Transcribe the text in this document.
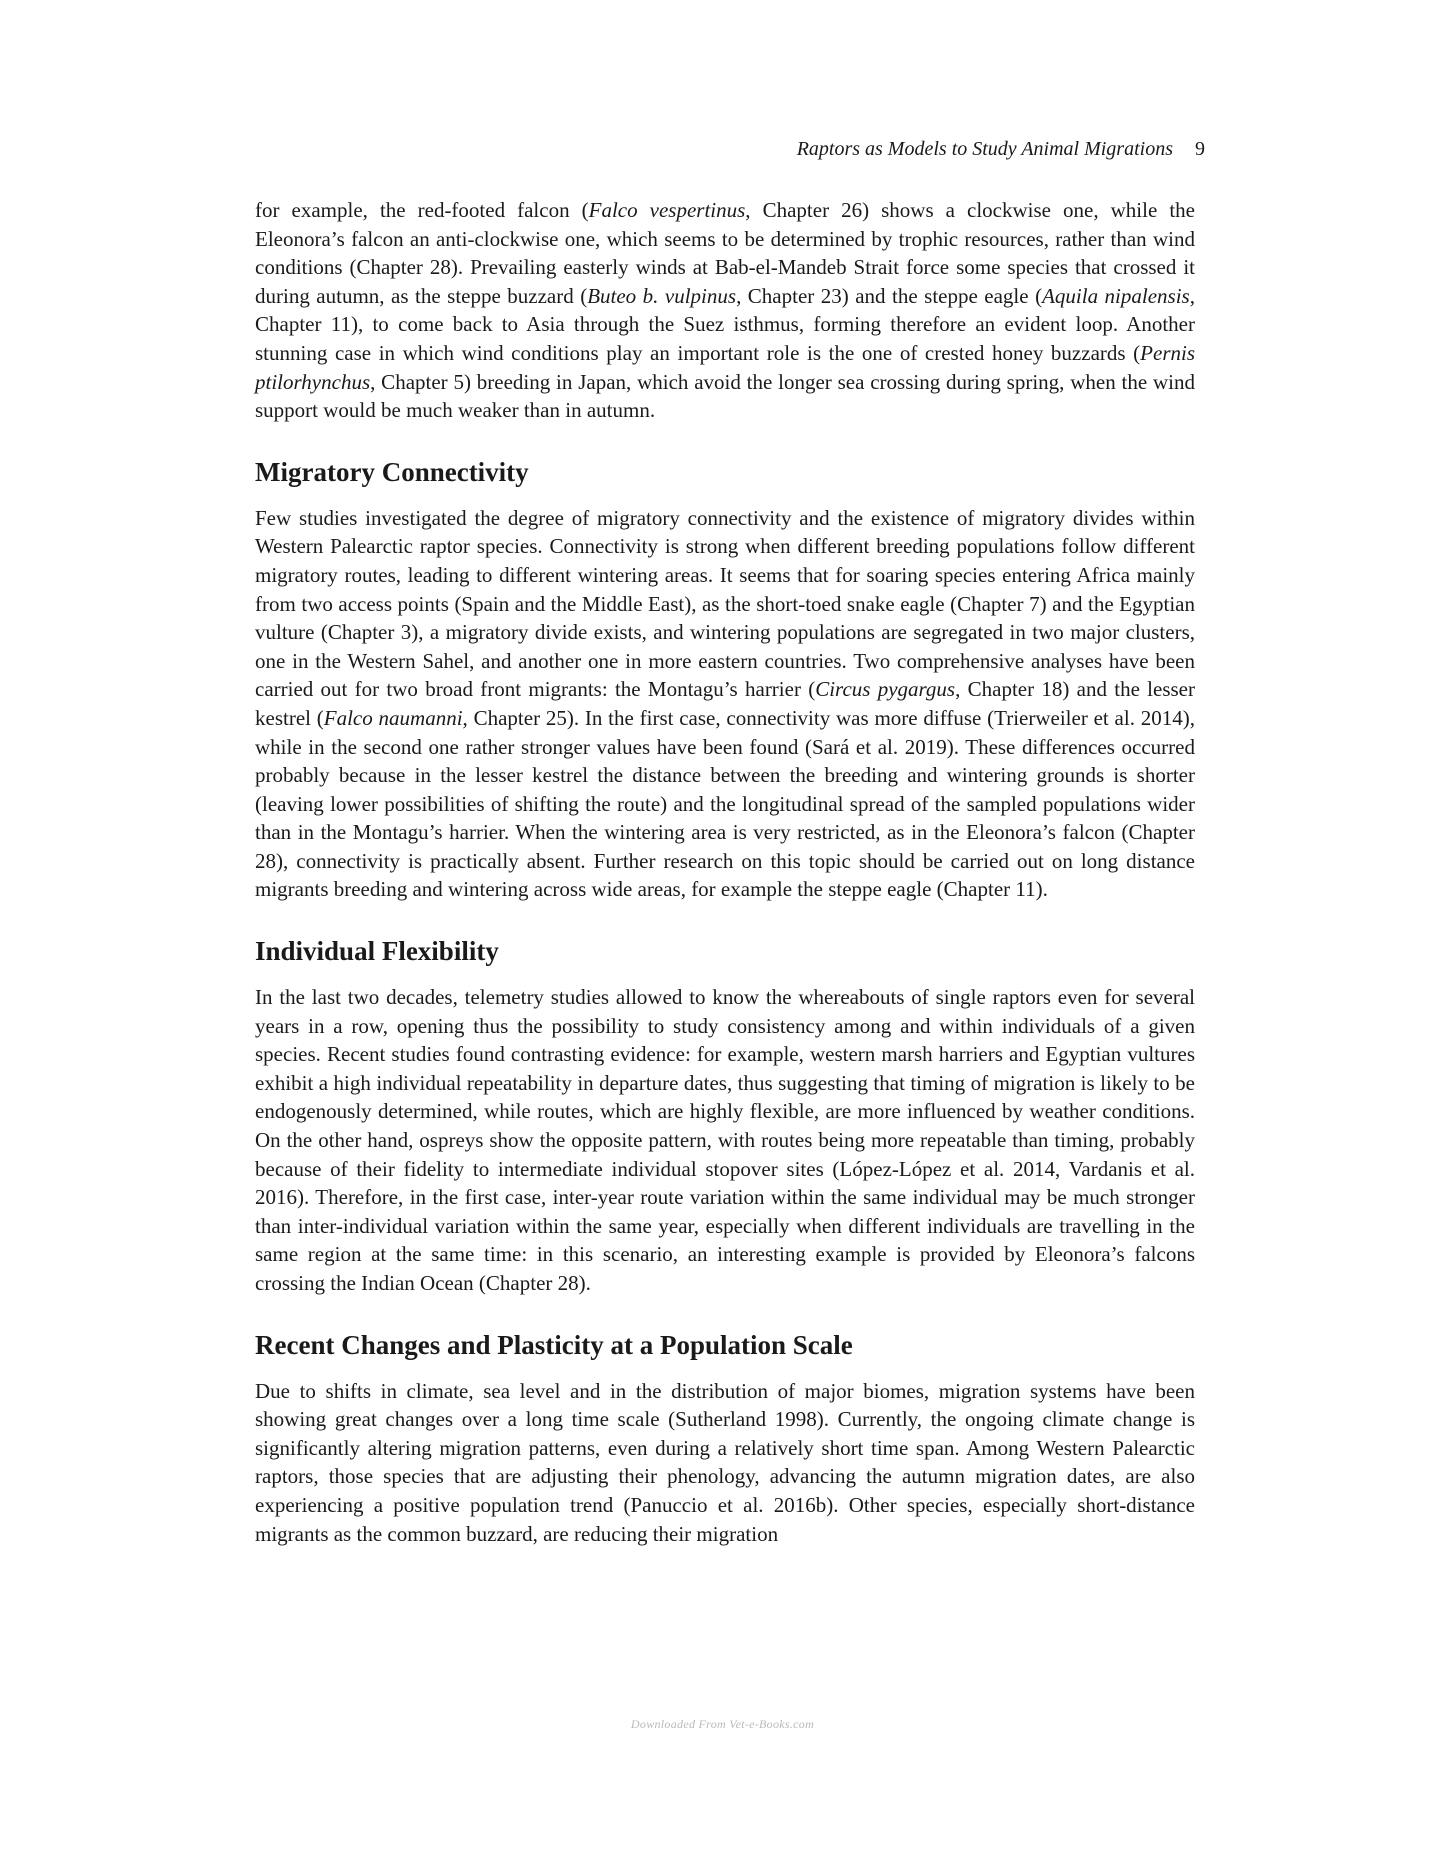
Raptors as Models to Study Animal Migrations 9

for example, the red-footed falcon (Falco vespertinus, Chapter 26) shows a clockwise one, while the Eleonora’s falcon an anti-clockwise one, which seems to be determined by trophic resources, rather than wind conditions (Chapter 28). Prevailing easterly winds at Bab-el-Mandeb Strait force some species that crossed it during autumn, as the steppe buzzard (Buteo b. vulpinus, Chapter 23) and the steppe eagle (Aquila nipalensis, Chapter 11), to come back to Asia through the Suez isthmus, forming therefore an evident loop. Another stunning case in which wind conditions play an important role is the one of crested honey buzzards (Pernis ptilorhynchus, Chapter 5) breeding in Japan, which avoid the longer sea crossing during spring, when the wind support would be much weaker than in autumn.

Migratory Connectivity

Few studies investigated the degree of migratory connectivity and the existence of migratory divides within Western Palearctic raptor species. Connectivity is strong when different breeding populations follow different migratory routes, leading to different wintering areas. It seems that for soaring species entering Africa mainly from two access points (Spain and the Middle East), as the short-toed snake eagle (Chapter 7) and the Egyptian vulture (Chapter 3), a migratory divide exists, and wintering populations are segregated in two major clusters, one in the Western Sahel, and another one in more eastern countries. Two comprehensive analyses have been carried out for two broad front migrants: the Montagu’s harrier (Circus pygargus, Chapter 18) and the lesser kestrel (Falco naumanni, Chapter 25). In the first case, connectivity was more diffuse (Trierweiler et al. 2014), while in the second one rather stronger values have been found (Sará et al. 2019). These differences occurred probably because in the lesser kestrel the distance between the breeding and wintering grounds is shorter (leaving lower possibilities of shifting the route) and the longitudinal spread of the sampled populations wider than in the Montagu’s harrier. When the wintering area is very restricted, as in the Eleonora’s falcon (Chapter 28), connectivity is practically absent. Further research on this topic should be carried out on long distance migrants breeding and wintering across wide areas, for example the steppe eagle (Chapter 11).

Individual Flexibility

In the last two decades, telemetry studies allowed to know the whereabouts of single raptors even for several years in a row, opening thus the possibility to study consistency among and within individuals of a given species. Recent studies found contrasting evidence: for example, western marsh harriers and Egyptian vultures exhibit a high individual repeatability in departure dates, thus suggesting that timing of migration is likely to be endogenously determined, while routes, which are highly flexible, are more influenced by weather conditions. On the other hand, ospreys show the opposite pattern, with routes being more repeatable than timing, probably because of their fidelity to intermediate individual stopover sites (López-López et al. 2014, Vardanis et al. 2016). Therefore, in the first case, inter-year route variation within the same individual may be much stronger than inter-individual variation within the same year, especially when different individuals are travelling in the same region at the same time: in this scenario, an interesting example is provided by Eleonora’s falcons crossing the Indian Ocean (Chapter 28).

Recent Changes and Plasticity at a Population Scale

Due to shifts in climate, sea level and in the distribution of major biomes, migration systems have been showing great changes over a long time scale (Sutherland 1998). Currently, the ongoing climate change is significantly altering migration patterns, even during a relatively short time span. Among Western Palearctic raptors, those species that are adjusting their phenology, advancing the autumn migration dates, are also experiencing a positive population trend (Panuccio et al. 2016b). Other species, especially short-distance migrants as the common buzzard, are reducing their migration

Downloaded From Vet-e-Books.com
